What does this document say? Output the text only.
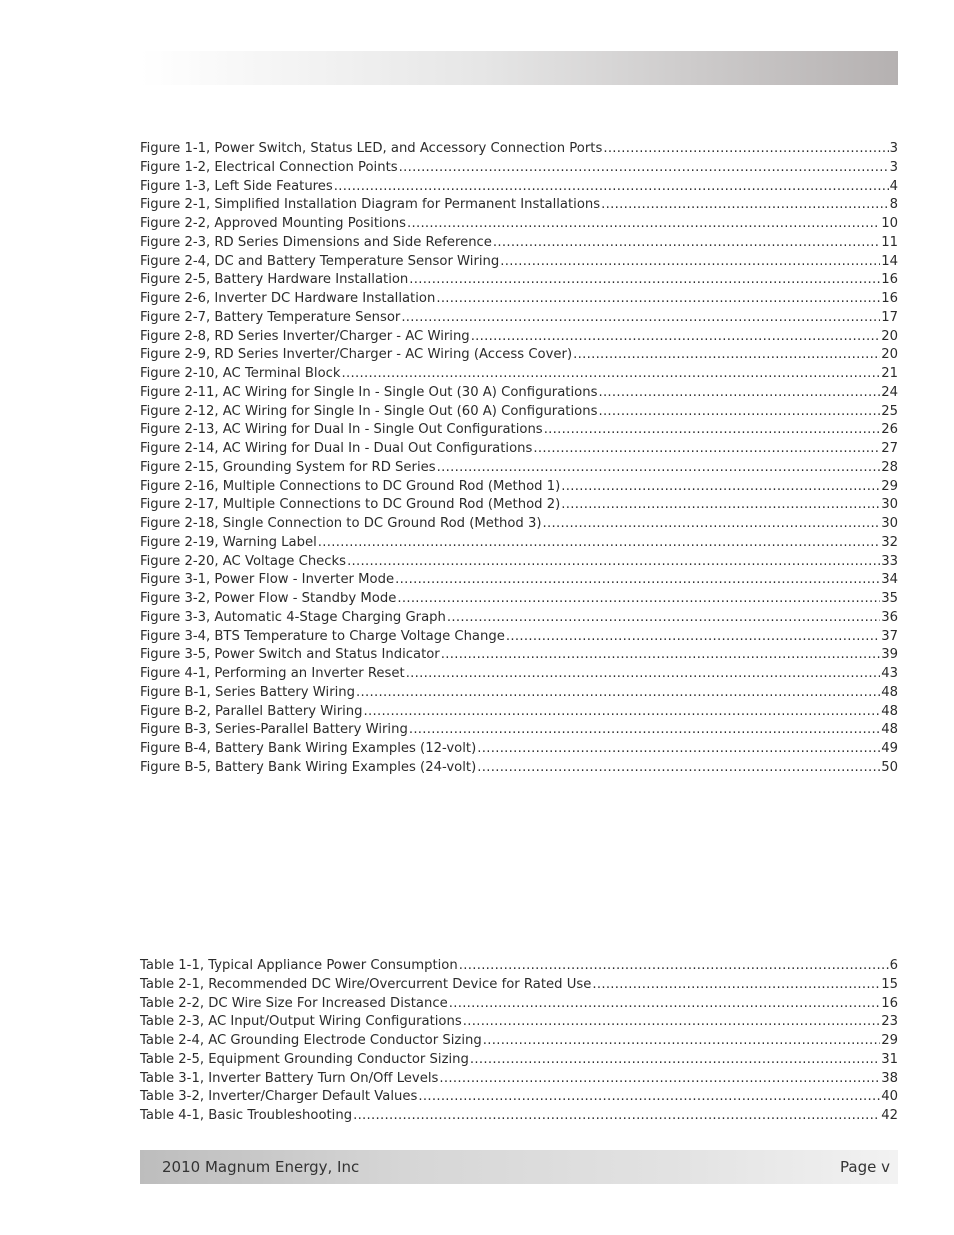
Figure 1-1, Power Switch, Status LED, and Accessory Connection Ports .....	3
Figure 1-2, Electrical Connection Points .....	3
Figure 1-3, Left Side Features .....	4
Figure 2-1, Simplified Installation Diagram for Permanent Installations .....	8
Figure 2-2, Approved Mounting Positions .....	10
Figure 2-3, RD Series Dimensions and Side Reference .....	11
Figure 2-4, DC and Battery Temperature Sensor Wiring .....	14
Figure 2-5, Battery Hardware Installation .....	16
Figure 2-6, Inverter DC Hardware Installation .....	16
Figure 2-7, Battery Temperature Sensor .....	17
Figure 2-8, RD Series Inverter/Charger - AC Wiring .....	20
Figure 2-9, RD Series Inverter/Charger - AC Wiring (Access Cover) .....	20
Figure 2-10, AC Terminal Block .....	21
Figure 2-11, AC Wiring for Single In - Single Out (30 A) Configurations .....	24
Figure 2-12, AC Wiring for Single In - Single Out (60 A) Configurations .....	25
Figure 2-13, AC Wiring for Dual In - Single Out Configurations .....	26
Figure 2-14, AC Wiring for Dual In - Dual Out Configurations .....	27
Figure 2-15, Grounding System for RD Series .....	28
Figure 2-16, Multiple Connections to DC Ground Rod (Method 1) .....	29
Figure 2-17, Multiple Connections to DC Ground Rod (Method 2) .....	30
Figure 2-18, Single Connection to DC Ground Rod (Method 3) .....	30
Figure 2-19, Warning Label .....	32
Figure 2-20, AC Voltage Checks .....	33
Figure 3-1, Power Flow - Inverter Mode .....	34
Figure 3-2, Power Flow - Standby Mode .....	35
Figure 3-3, Automatic 4-Stage Charging Graph .....	36
Figure 3-4, BTS Temperature to Charge Voltage Change .....	37
Figure 3-5, Power Switch and Status Indicator .....	39
Figure 4-1, Performing an Inverter Reset .....	43
Figure B-1, Series Battery Wiring .....	48
Figure B-2, Parallel Battery Wiring .....	48
Figure B-3, Series-Parallel Battery Wiring .....	48
Figure B-4, Battery Bank Wiring Examples (12-volt) .....	49
Figure B-5, Battery Bank Wiring Examples (24-volt) .....	50
Table 1-1, Typical Appliance Power Consumption .....	6
Table 2-1, Recommended DC Wire/Overcurrent Device for Rated Use .....	15
Table 2-2, DC Wire Size For Increased Distance .....	16
Table 2-3, AC Input/Output Wiring Configurations .....	23
Table 2-4, AC Grounding Electrode Conductor Sizing .....	29
Table 2-5, Equipment Grounding Conductor Sizing .....	31
Table 3-1, Inverter Battery Turn On/Off Levels .....	38
Table 3-2, Inverter/Charger Default Values .....	40
Table 4-1, Basic Troubleshooting .....	42
2010 Magnum Energy, Inc	Page v
